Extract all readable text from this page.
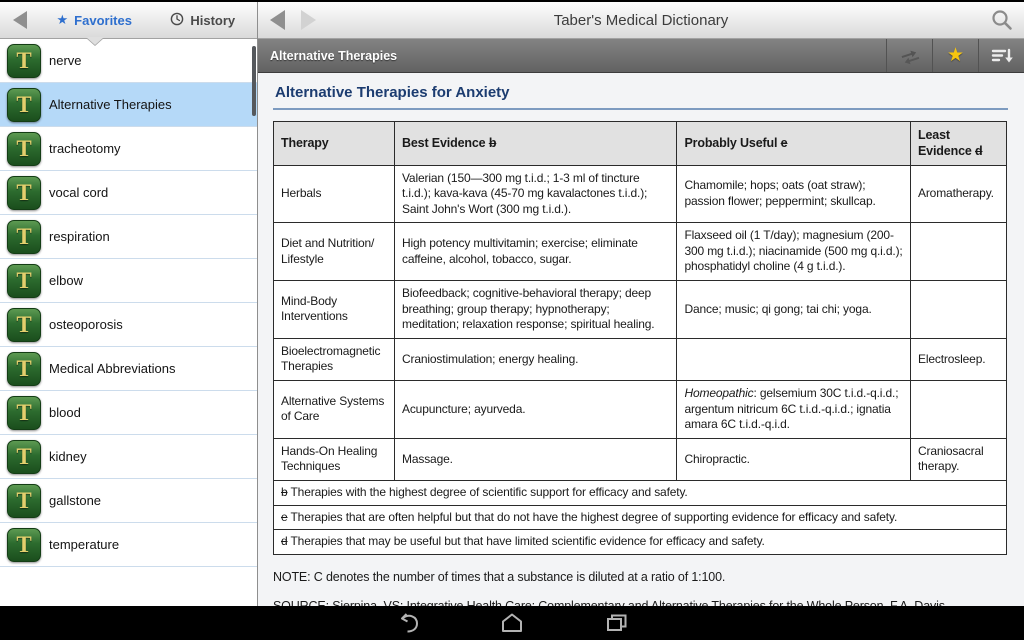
★ Favorites	History
T	nerve
T	Alternative Therapies
T	tracheotomy
T	vocal cord
T	respiration
T	elbow
T	osteoporosis
T	Medical Abbreviations
T	blood
T	kidney
T	gallstone
T	temperature
Taber's Medical Dictionary
Alternative Therapies	★
Alternative Therapies for Anxiety
Therapy	Best Evidence b	Probably Useful e	Least Evidence d
Herbals	Valerian (150—300 mg t.i.d.; 1-3 ml of tincture t.i.d.); kava-kava (45-70 mg kavalactones t.i.d.); Saint John's Wort (300 mg t.i.d.).	Chamomile; hops; oats (oat straw); passion flower; peppermint; skullcap.	Aromatherapy.
Diet and Nutrition/ Lifestyle	High potency multivitamin; exercise; eliminate caffeine, alcohol, tobacco, sugar.	Flaxseed oil (1 T/day); magnesium (200-300 mg t.i.d.); niacinamide (500 mg q.i.d.); phosphatidyl choline (4 g t.i.d.).	
Mind-Body Interventions	Biofeedback; cognitive-behavioral therapy; deep breathing; group therapy; hypnotherapy; meditation; relaxation response; spiritual healing.	Dance; music; qi gong; tai chi; yoga.	
Bioelectromagnetic Therapies	Craniostimulation; energy healing.		Electrosleep.
Alternative Systems of Care	Acupuncture; ayurveda.	Homeopathic: gelsemium 30C t.i.d.-q.i.d.; argentum nitricum 6C t.i.d.-q.i.d.; ignatia amara 6C t.i.d.-q.i.d.	
Hands-On Healing Techniques	Massage.	Chiropractic.	Craniosacral therapy.
b Therapies with the highest degree of scientific support for efficacy and safety.			
e Therapies that are often helpful but that do not have the highest degree of supporting evidence for efficacy and safety.			
d Therapies that may be useful but that have limited scientific evidence for efficacy and safety.			

NOTE: C denotes the number of times that a substance is diluted at a ratio of 1:100.
